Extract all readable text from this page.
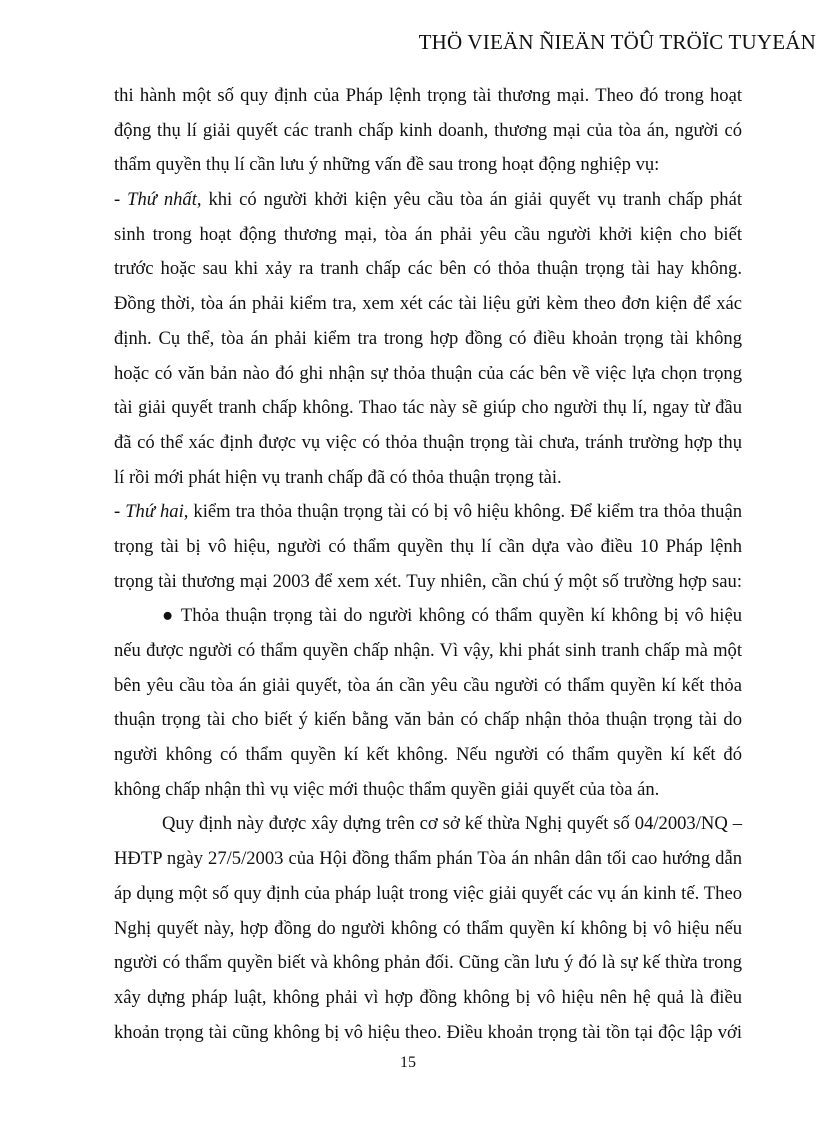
THÖ VIEÄN ÑIEÄN TÖÛ TRÖÏC TUYEÁN
thi hành một số quy định của Pháp lệnh trọng tài thương mại. Theo đó trong hoạt
động thụ lí giải quyết các tranh chấp kinh doanh, thương mại của tòa án, người có
thẩm quyền thụ lí cần lưu ý những vấn đề sau trong hoạt động nghiệp vụ:
- Thứ nhất, khi có người khởi kiện yêu cầu tòa án giải quyết vụ tranh chấp phát
sinh trong hoạt động thương mại, tòa án phải yêu cầu người khởi kiện cho biết
trước hoặc sau khi xảy ra tranh chấp các bên có thỏa thuận trọng tài hay không.
Đồng thời, tòa án phải kiểm tra, xem xét các tài liệu gửi kèm theo đơn kiện để xác
định. Cụ thể, tòa án phải kiểm tra trong hợp đồng có điều khoản trọng tài không
hoặc có văn bản nào đó ghi nhận sự thỏa thuận của các bên về việc lựa chọn trọng
tài giải quyết tranh chấp không. Thao tác này sẽ giúp cho người thụ lí, ngay từ đầu
đã có thể xác định được vụ việc có thỏa thuận trọng tài chưa, tránh trường hợp thụ
lí rồi mới phát hiện vụ tranh chấp đã có thỏa thuận trọng tài.
- Thứ hai, kiểm tra thỏa thuận trọng tài có bị vô hiệu không. Để kiểm tra thỏa thuận
trọng tài bị vô hiệu, người có thẩm quyền thụ lí cần dựa vào điều 10 Pháp lệnh
trọng tài thương mại 2003 để xem xét. Tuy nhiên, cần chú ý một số trường hợp sau:
● Thỏa thuận trọng tài do người không có thẩm quyền kí không bị vô hiệu
nếu được người có thẩm quyền chấp nhận. Vì vậy, khi phát sinh tranh chấp mà một
bên yêu cầu tòa án giải quyết, tòa án cần yêu cầu người có thẩm quyền kí kết thỏa
thuận trọng tài cho biết ý kiến bằng văn bản có chấp nhận thỏa thuận trọng tài do
người không có thẩm quyền kí kết không. Nếu người có thẩm quyền kí kết đó
không chấp nhận thì vụ việc mới thuộc thẩm quyền giải quyết của tòa án.
Quy định này được xây dựng trên cơ sở kế thừa Nghị quyết số 04/2003/NQ –
HĐTP ngày 27/5/2003 của Hội đồng thẩm phán Tòa án nhân dân tối cao hướng dẫn
áp dụng một số quy định của pháp luật trong việc giải quyết các vụ án kinh tế. Theo
Nghị quyết này, hợp đồng do người không có thẩm quyền kí không bị vô hiệu nếu
người có thẩm quyền biết và không phản đối. Cũng cần lưu ý đó là sự kế thừa trong
xây dựng pháp luật, không phải vì hợp đồng không bị vô hiệu nên hệ quả là điều
khoản trọng tài cũng không bị vô hiệu theo. Điều khoản trọng tài tồn tại độc lập với
15
